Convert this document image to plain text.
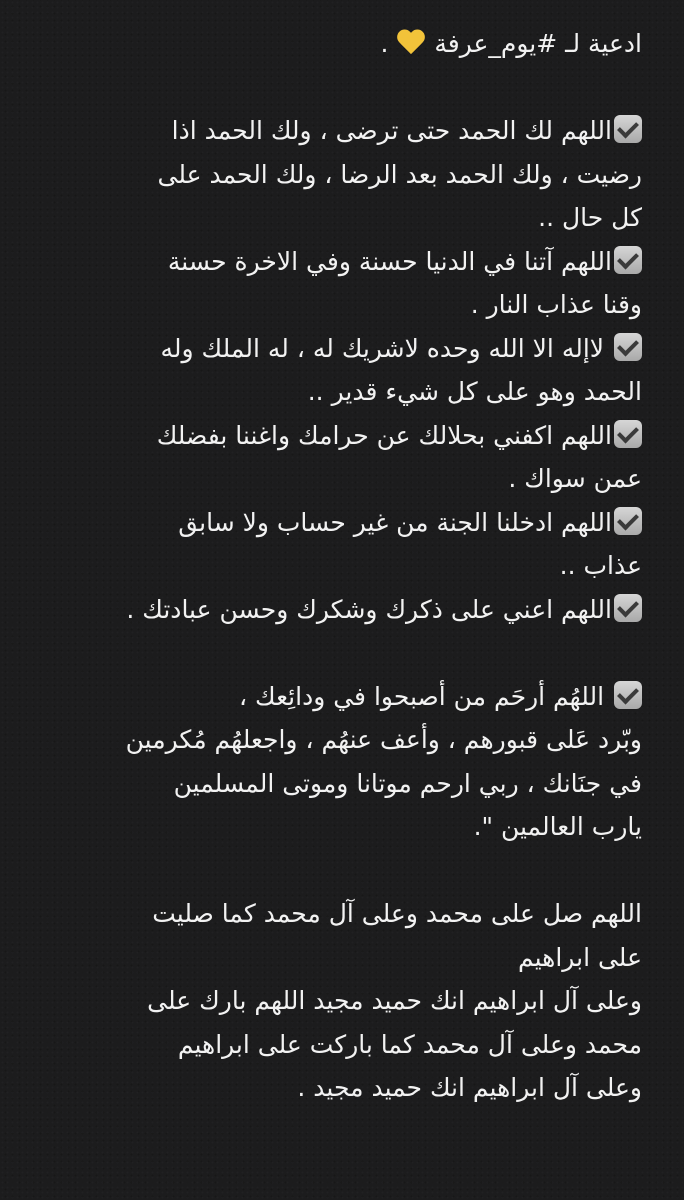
ادعية لـ #يوم_عرفة  .
اللهم لك الحمد حتى ترضى ، ولك الحمد اذا
رضيت ، ولك الحمد بعد الرضا ، ولك الحمد على
كل حال ..
اللهم آتنا في الدنيا حسنة وفي الاخرة حسنة
وقنا عذاب النار .
لاإله الا الله وحده لاشريك له ، له الملك وله
الحمد وهو على كل شيء قدير ..
اللهم اكفني بحلالك عن حرامك واغننا بفضلك
عمن سواك .
اللهم ادخلنا الجنة من غير حساب ولا سابق
عذاب ..
اللهم اعني على ذكرك وشكرك وحسن عبادتك .
اللهُم أرحَم من أصبحوا في ودائِعك ،
وبّرد عَلى قبورهم ، وأعف عنهُم ، واجعلهُم مُكرمين
في جنَانك ، ربي ارحم موتانا وموتى المسلمين
يارب العالمين ".
اللهم صل على محمد وعلى آل محمد كما صليت
على ابراهيم
وعلى آل ابراهيم انك حميد مجيد اللهم بارك على
محمد وعلى آل محمد كما باركت على ابراهيم
وعلى آل ابراهيم انك حميد مجيد .
